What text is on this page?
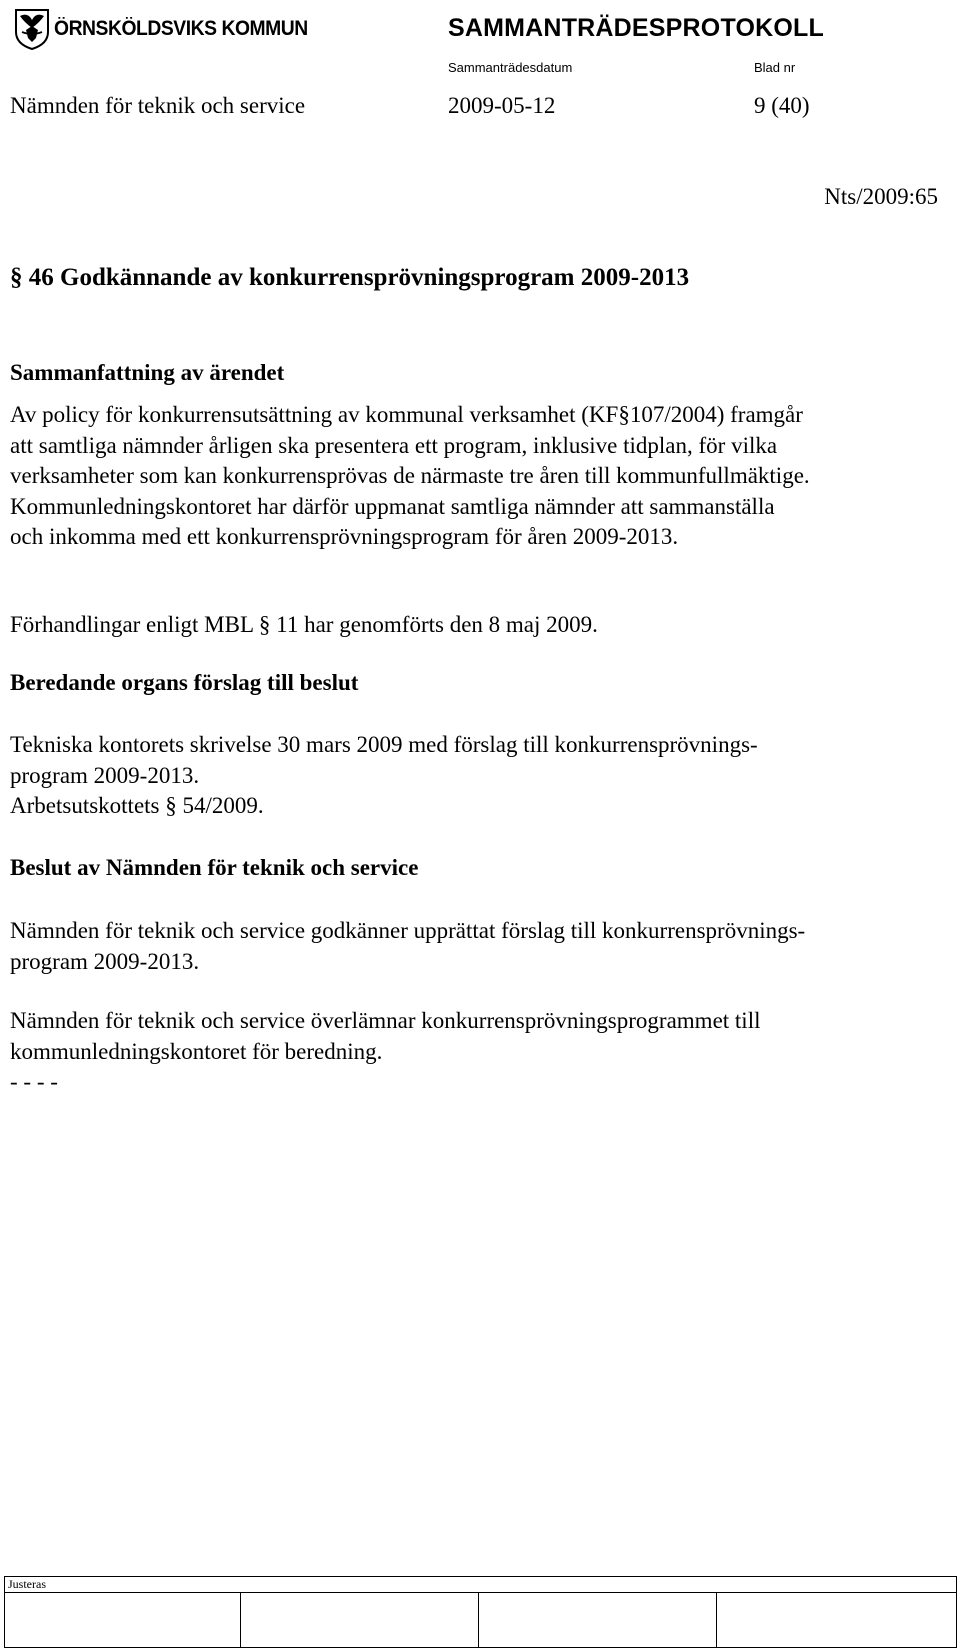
ÖRNSKÖLDSVIKS KOMMUN	SAMMANTRÄDESPROTOKOLL
Sammanträdesdatum	Blad nr
Nämnden för teknik och service	2009-05-12	9 (40)
Nts/2009:65
§ 46 Godkännande av konkurrensprövningsprogram 2009-2013
Sammanfattning av ärendet
Av policy för konkurrensutsättning av kommunal verksamhet (KF§107/2004) framgår
att samtliga nämnder årligen ska presentera ett program, inklusive tidplan, för vilka
verksamheter som kan konkurrensprövas de närmaste tre åren till kommunfullmäktige.
Kommunledningskontoret har därför uppmanat samtliga nämnder att sammanställa
och inkomma med ett konkurrensprövningsprogram för åren 2009-2013.
Förhandlingar enligt MBL § 11 har genomförts den 8 maj 2009.
Beredande organs förslag till beslut
Tekniska kontorets skrivelse 30 mars 2009 med förslag till konkurrensprövnings-
program 2009-2013.
Arbetsutskottets § 54/2009.
Beslut av Nämnden för teknik och service
Nämnden för teknik och service godkänner upprättat förslag till konkurrensprövnings-
program 2009-2013.
Nämnden för teknik och service överlämnar konkurrensprövningsprogrammet till
kommunledningskontoret för beredning.
- - - -
Justeras
